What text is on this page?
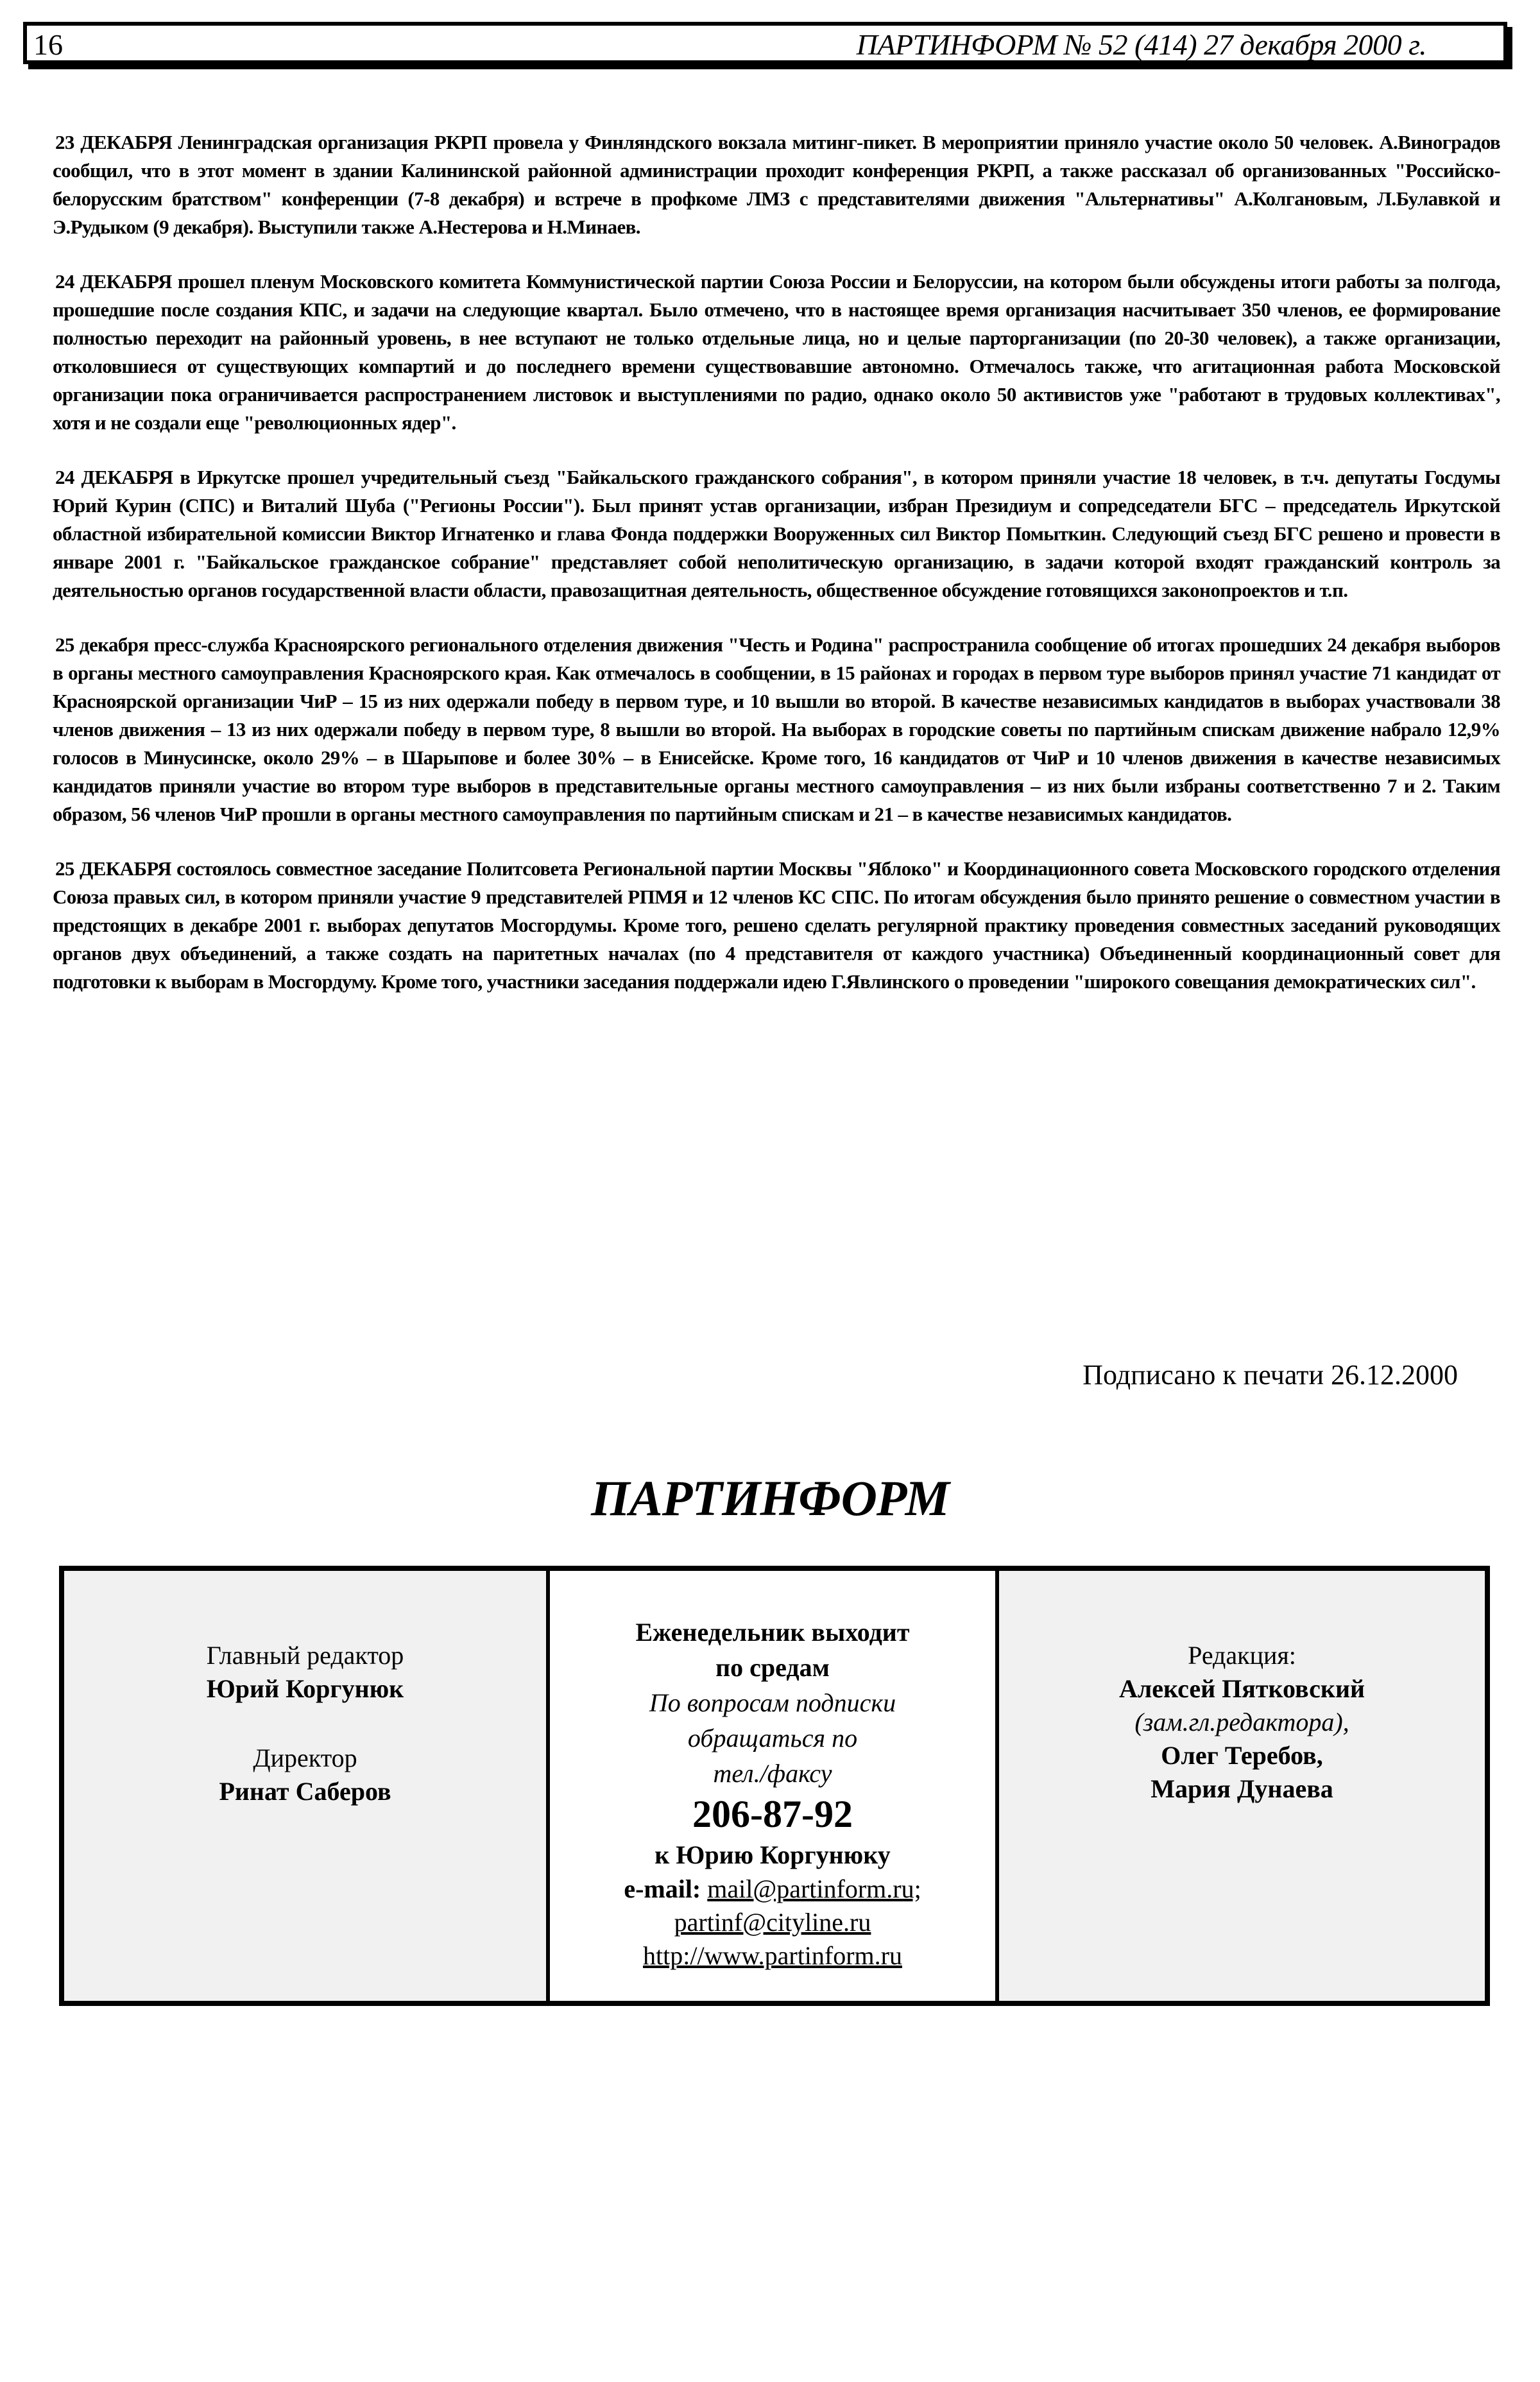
16	ПАРТИНФОРМ № 52 (414) 27 декабря 2000 г.

23 ДЕКАБРЯ Ленинградская организация РКРП провела у Финляндского вокзала митинг-пикет. В мероприятии приняло участие около 50 человек. А.Виноградов сообщил, что в этот момент в здании Калининской районной администрации проходит конференция РКРП, а также рассказал об организованных "Российско-белорусским братством" конференции (7-8 декабря) и встрече в профкоме ЛМЗ с представителями движения "Альтернативы" А.Колгановым, Л.Булавкой и Э.Рудыком (9 декабря). Выступили также А.Нестерова и Н.Минаев.

24 ДЕКАБРЯ прошел пленум Московского комитета Коммунистической партии Союза России и Белоруссии, на котором были обсуждены итоги работы за полгода, прошедшие после создания КПС, и задачи на следующие квартал. Было отмечено, что в настоящее время организация насчитывает 350 членов, ее формирование полностью переходит на районный уровень, в нее вступают не только отдельные лица, но и целые парторганизации (по 20-30 человек), а также организации, отколовшиеся от существующих компартий и до последнего времени существовавшие автономно. Отмечалось также, что агитационная работа Московской организации пока ограничивается распространением листовок и выступлениями по радио, однако около 50 активистов уже "работают в трудовых коллективах", хотя и не создали еще "революционных ядер".

24 ДЕКАБРЯ в Иркутске прошел учредительный съезд "Байкальского гражданского собрания", в котором приняли участие 18 человек, в т.ч. депутаты Госдумы Юрий Курин (СПС) и Виталий Шуба ("Регионы России"). Был принят устав организации, избран Президиум и сопредседатели БГС – председатель Иркутской областной избирательной комиссии Виктор Игнатенко и глава Фонда поддержки Вооруженных сил Виктор Помыткин. Следующий съезд БГС решено и провести в январе 2001 г. "Байкальское гражданское собрание" представляет собой неполитическую организацию, в задачи которой входят гражданский контроль за деятельностью органов государственной власти области, правозащитная деятельность, общественное обсуждение готовящихся законопроектов и т.п.

25 декабря пресс-служба Красноярского регионального отделения движения "Честь и Родина" распространила сообщение об итогах прошедших 24 декабря выборов в органы местного самоуправления Красноярского края. Как отмечалось в сообщении, в 15 районах и городах в первом туре выборов принял участие 71 кандидат от Красноярской организации ЧиР – 15 из них одержали победу в первом туре, и 10 вышли во второй. В качестве независимых кандидатов в выборах участвовали 38 членов движения – 13 из них одержали победу в первом туре, 8 вышли во второй. На выборах в городские советы по партийным спискам движение набрало 12,9% голосов в Минусинске, около 29% – в Шарыпове и более 30% – в Енисейске. Кроме того, 16 кандидатов от ЧиР и 10 членов движения в качестве независимых кандидатов приняли участие во втором туре выборов в представительные органы местного самоуправления – из них были избраны соответственно 7 и 2. Таким образом, 56 членов ЧиР прошли в органы местного самоуправления по партийным спискам и 21 – в качестве независимых кандидатов.

25 ДЕКАБРЯ состоялось совместное заседание Политсовета Региональной партии Москвы "Яблоко" и Координационного совета Московского городского отделения Союза правых сил, в котором приняли участие 9 представителей РПМЯ и 12 членов КС СПС. По итогам обсуждения было принято решение о совместном участии в предстоящих в декабре 2001 г. выборах депутатов Мосгордумы. Кроме того, решено сделать регулярной практику проведения совместных заседаний руководящих органов двух объединений, а также создать на паритетных началах (по 4 представителя от каждого участника) Объединенный координационный совет для подготовки к выборам в Мосгордуму. Кроме того, участники заседания поддержали идею Г.Явлинского о проведении "широкого совещания демократических сил".

Подписано к печати 26.12.2000
ПАРТИНФОРМ
Главный редактор
Юрий Коргунюк
Директор
Ринат Саберов
Еженедельник выходит
по средам
По вопросам подписки
обращаться по
тел./факсу
206-87-92
к Юрию Коргунюку
e-mail: mail@partinform.ru;
partinf@cityline.ru
http://www.partinform.ru
Редакция:
Алексей Пятковский
(зам.гл.редактора),
Олег Теребов,
Мария Дунаева
